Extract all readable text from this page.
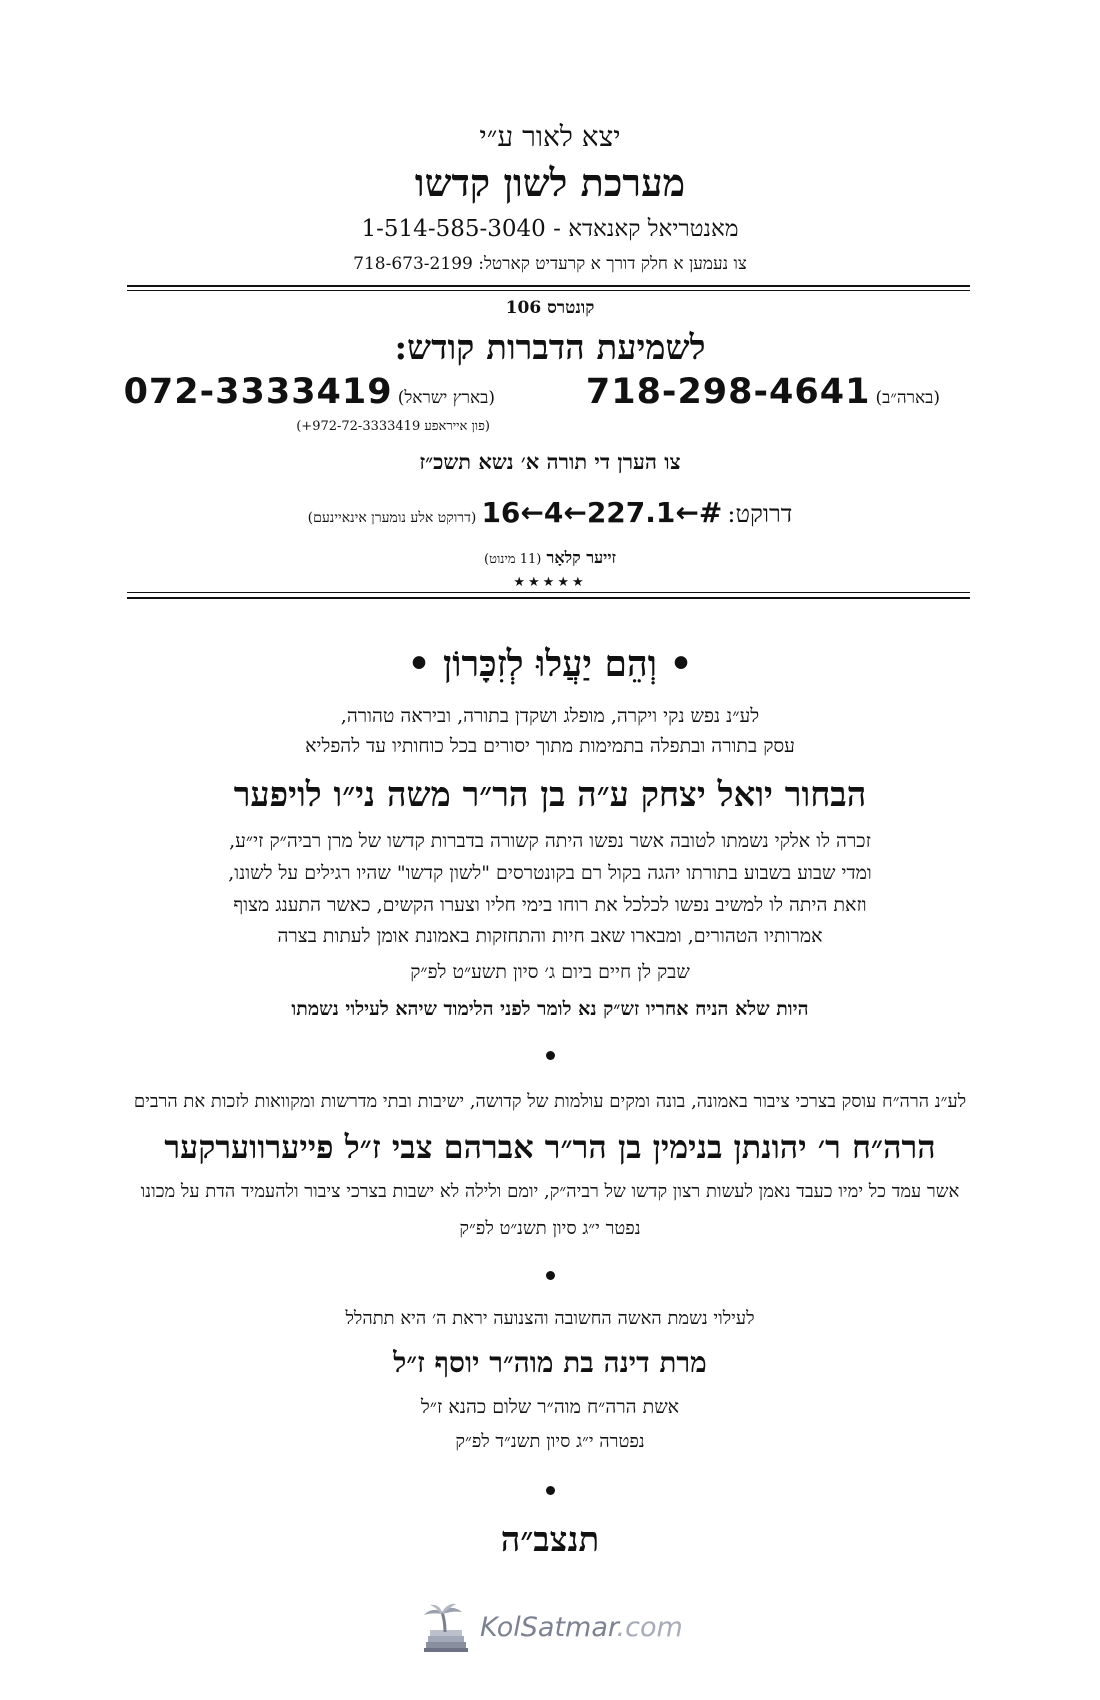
יצא לאור ע״י
מערכת לשון קדשו
מאנטריאל קאנאדא - 1-514-585-3040
צו נעמען א חלק דורך א קרעדיט קארטל: 718-673-2199
קונטרס 106
לשמיעת הדברות קודש:
(בארה״ב) 718-298-4641
(בארץ ישראל) 072-3333419
(פון אייראפע 972-72-3333419+)
צו הערן די תורה א׳ נשא תשכ״ז
דרוקט: #←227.1←4←16 (דרוקט אלע נומערן אינאיינעם)
זייער קלאָר (11 מינוט)
★★★★★
• וְהֵם יַעֲלוּ לְזִכָּרוֹן •
לע״נ נפש נקי ויקרה, מופלג ושקדן בתורה, וביראה טהורה,
עסק בתורה ובתפלה בתמימות מתוך יסורים בכל כוחותיו עד להפליא
הבחור יואל יצחק ע״ה בן הר״ר משה ני״ו לויפער
זכרה לו אלקי נשמתו לטובה אשר נפשו היתה קשורה בדברות קדשו של מרן רביה״ק זי״ע,
ומדי שבוע בשבוע בתורתו יהגה בקול רם בקונטרסים "לשון קדשו" שהיו רגילים על לשונו,
וזאת היתה לו למשיב נפשו לכלכל את רוחו בימי חליו וצערו הקשים, כאשר התענג מצוף
אמרותיו הטהורים, ומבארו שאב חיות והתחזקות באמונת אומן לעתות בצרה
שבק לן חיים ביום ג׳ סיון תשע״ט לפ״ק
היות שלא הניח אחריו זש״ק נא לומר לפני הלימוד שיהא לעילוי נשמתו
לע״נ הרה״ח עוסק בצרכי ציבור באמונה, בונה ומקים עולמות של קדושה, ישיבות ובתי מדרשות ומקוואות לזכות את הרבים
הרה״ח ר׳ יהונתן בנימין בן הר״ר אברהם צבי ז״ל פייערווערקער
אשר עמד כל ימיו כעבד נאמן לעשות רצון קדשו של רביה״ק, יומם ולילה לא ישבות בצרכי ציבור ולהעמיד הדת על מכונו
נפטר י״ג סיון תשנ״ט לפ״ק
לעילוי נשמת האשה החשובה והצנועה יראת ה׳ היא תתהלל
מרת דינה בת מוה״ר יוסף ז״ל
אשת הרה״ח מוה״ר שלום כהנא ז״ל
נפטרה י״ג סיון תשנ״ד לפ״ק
תנצב״ה
KolSatmar.com
